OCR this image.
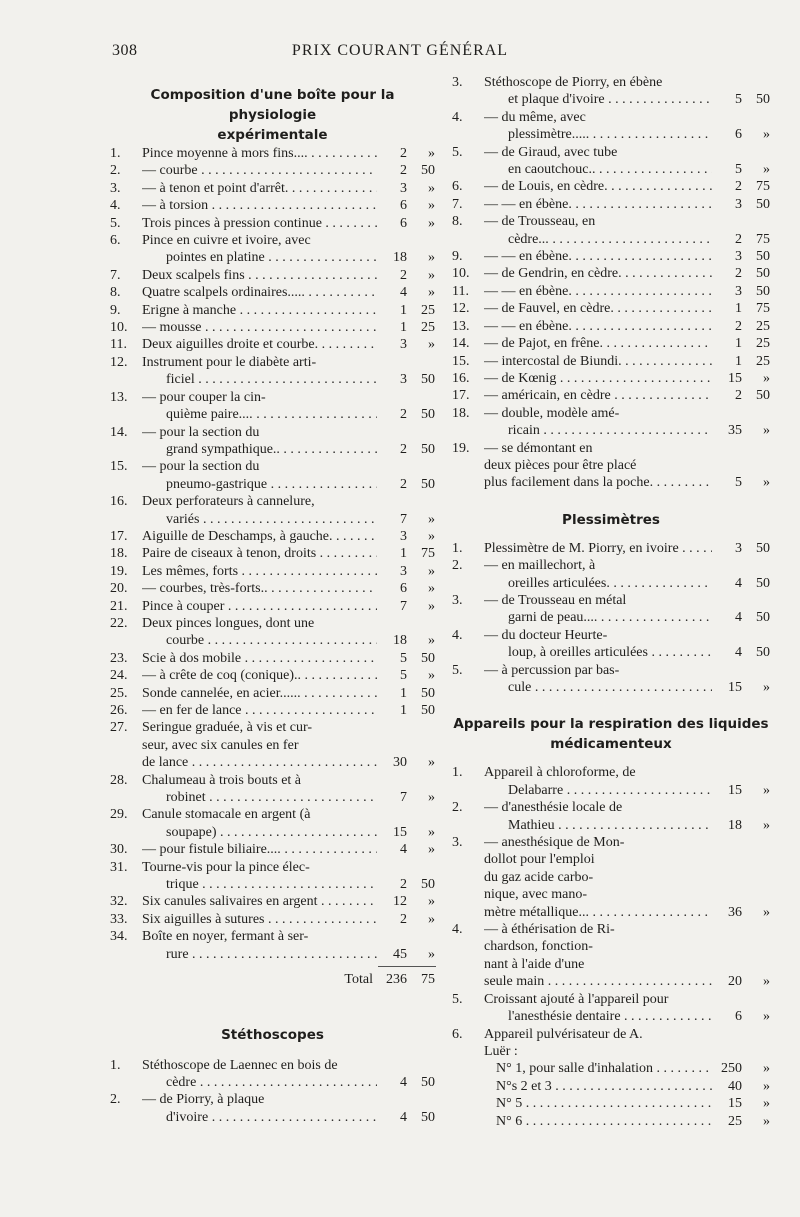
308	PRIX COURANT GÉNÉRAL
Composition d'une boîte pour la physiologie
expérimentale
1.	Pince moyenne à mors fins.... . . .	2	»
2.	— courbe . . .	2	50
3.	— à tenon et point d'arrêt. . . .	3	»
4.	— à torsion . . .	6	»
5.	Trois pinces à pression continue . . .	6	»
6.	Pince en cuivre et ivoire, avec
pointes en platine . . .	18	»
7.	Deux scalpels fins . . .	2	»
8.	Quatre scalpels ordinaires..... . . .	4	»
9.	Erigne à manche . . .	1	25
10.	— mousse . . .	1	25
11.	Deux aiguilles droite et courbe. . . .	3	»
12.	Instrument pour le diabète arti-
ficiel . . .	3	50
13.	— pour couper la cin-
quième paire.... . . .	2	50
14.	— pour la section du
grand sympathique.. . . .	2	50
15.	— pour la section du
pneumo-gastrique . . .	2	50
16.	Deux perforateurs à cannelure,
variés . . .	7	»
17.	Aiguille de Deschamps, à gauche. . . .	3	»
18.	Paire de ciseaux à tenon, droits . . .	1	75
19.	Les mêmes, forts . . .	3	»
20.	— courbes, très-forts.. . . .	6	»
21.	Pince à couper . . .	7	»
22.	Deux pinces longues, dont une
courbe . . .	18	»
23.	Scie à dos mobile . . .	5	50
24.	— à crête de coq (conique).. . . .	5	»
25.	Sonde cannelée, en acier...... . . .	1	50
26.	— en fer de lance . . .	1	50
27.	Seringue graduée, à vis et cur-
seur, avec six canules en fer
de lance . . .	30	»
28.	Chalumeau à trois bouts et à
robinet . . .	7	»
29.	Canule stomacale en argent (à
soupape) . . .	15	»
30.	— pour fistule biliaire.... . . .	4	»
31.	Tourne-vis pour la pince élec-
trique . . .	2	50
32.	Six canules salivaires en argent . . .	12	»
33.	Six aiguilles à sutures . . .	2	»
34.	Boîte en noyer, fermant à ser-
rure . . .	45	»
Total 236	75
Stéthoscopes
1.	Stéthoscope de Laennec en bois de
cèdre . . .	4	50
2.	— de Piorry, à plaque
d'ivoire . . .	4	50
3.	Stéthoscope de Piorry, en ébène
et plaque d'ivoire . . .	5	50
4.	— du même, avec
plessimètre..... . . .	6	»
5.	— de Giraud, avec tube
en caoutchouc.. . . .	5	»
6.	— de Louis, en cèdre. . . .	2	75
7.	— — en ébène. . . .	3	50
8.	— de Trousseau, en
cèdre... . . .	2	75
9.	— — en ébène. . . .	3	50
10.	— de Gendrin, en cèdre. . . .	2	50
11.	— — en ébène. . . .	3	50
12.	— de Fauvel, en cèdre. . . .	1	75
13.	— — en ébène. . . .	2	25
14.	— de Pajot, en frêne. . . .	1	25
15.	— intercostal de Biundi. . . .	1	25
16.	— de Kœnig . . .	15	»
17.	— américain, en cèdre . . .	2	50
18.	— double, modèle amé-
ricain . . .	35	»
19.	— se démontant en
deux pièces pour être placé
plus facilement dans la poche. . . .	5	»
Plessimètres
1.	Plessimètre de M. Piorry, en ivoire . . .	3	50
2.	— en maillechort, à
oreilles articulées. . . .	4	50
3.	— de Trousseau en métal
garni de peau.... . . .	4	50
4.	— du docteur Heurte-
loup, à oreilles articulées . . .	4	50
5.	— à percussion par bas-
cule . . .	15	»
Appareils pour la respiration des liquides
médicamenteux
1.	Appareil à chloroforme, de
Delabarre . . .	15	»
2.	— d'anesthésie locale de
Mathieu . . .	18	»
3.	— anesthésique de Mon-
dollot pour l'emploi
du gaz acide carbo-
nique, avec mano-
mètre métallique... . . .	36	»
4.	— à éthérisation de Ri-
chardson, fonction-
nant à l'aide d'une
seule main . . .	20	»
5.	Croissant ajouté à l'appareil pour
l'anesthésie dentaire . . .	6	»
6.	Appareil pulvérisateur de A.
Luër :
N° 1, pour salle d'inhalation . . .	250	»
N°s 2 et 3 . . .	40	»
N° 5 . . .	15	»
N° 6 . . .	25	»
